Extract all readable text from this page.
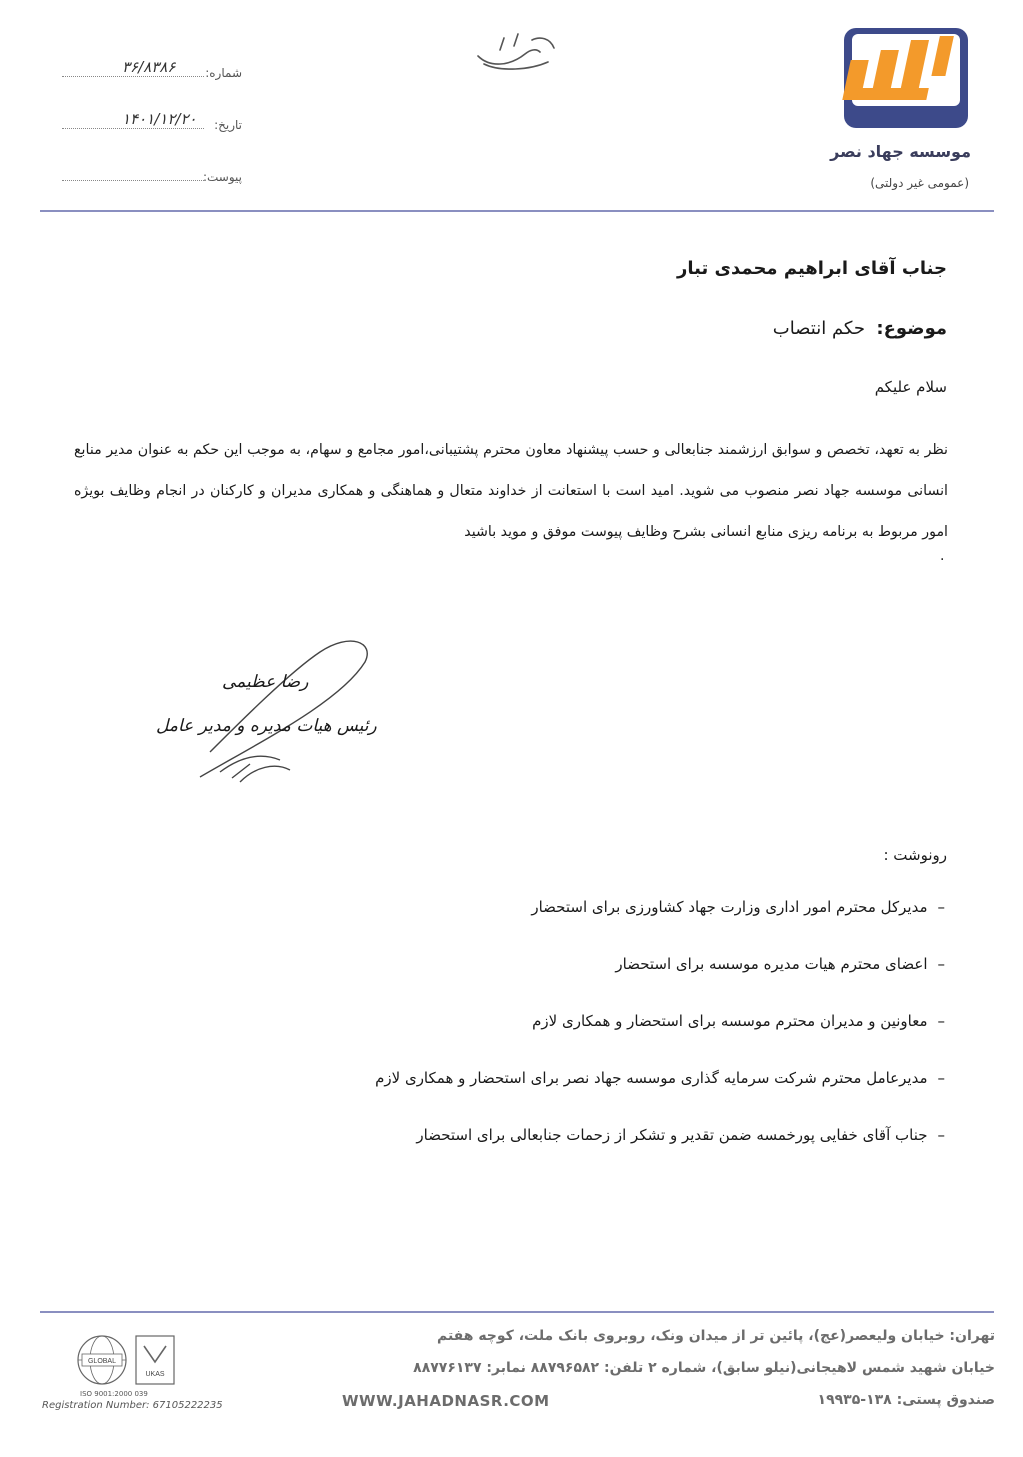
موسسه جهاد نصر
(عمومی غیر دولتی)
شماره:
۳۶/۸۳۸۶
تاریخ:
۱۴۰۱/۱۲/۲۰
پیوست:
جناب آقای ابراهیم محمدی تبار
موضوع:
حکم انتصاب
سلام علیکم
نظر به تعهد، تخصص و سوابق ارزشمند جنابعالی و حسب پیشنهاد معاون محترم پشتیبانی،امور مجامع و سهام، به موجب این حکم به عنوان مدیر منابع انسانی موسسه جهاد نصر منصوب می شوید. امید است با استعانت از خداوند متعال و هماهنگی و همکاری مدیران و کارکنان در انجام وظایف بویژه امور مربوط به برنامه ریزی منابع انسانی بشرح وظایف پیوست موفق و موید باشید
.
رضا عظیمی
رئیس هیات مدیره و مدیر عامل
رونوشت :
–
مدیرکل محترم امور اداری وزارت جهاد کشاورزی برای استحضار
–
اعضای محترم هیات مدیره موسسه برای استحضار
–
معاونین و مدیران محترم موسسه برای استحضار و همکاری لازم
–
مدیرعامل محترم شرکت سرمایه گذاری موسسه جهاد نصر برای استحضار و همکاری لازم
–
جناب آقای خفایی پورخمسه ضمن تقدیر و تشکر از زحمات جنابعالی برای استحضار
تهران: خیابان ولیعصر(عج)، پائین تر از میدان ونک، روبروی بانک ملت، کوچه هفتم
خیابان شهید شمس لاهیجانی(نیلو سابق)، شماره ۲ تلفن: ۸۸۷۹۶۵۸۲ نمابر: ۸۸۷۷۶۱۳۷
صندوق پستی: ۱۳۸-۱۹۹۳۵
WWW.JAHADNASR.COM
GLOBAL
UKAS
ISO 9001:2000 039
Registration Number: 67105222235
